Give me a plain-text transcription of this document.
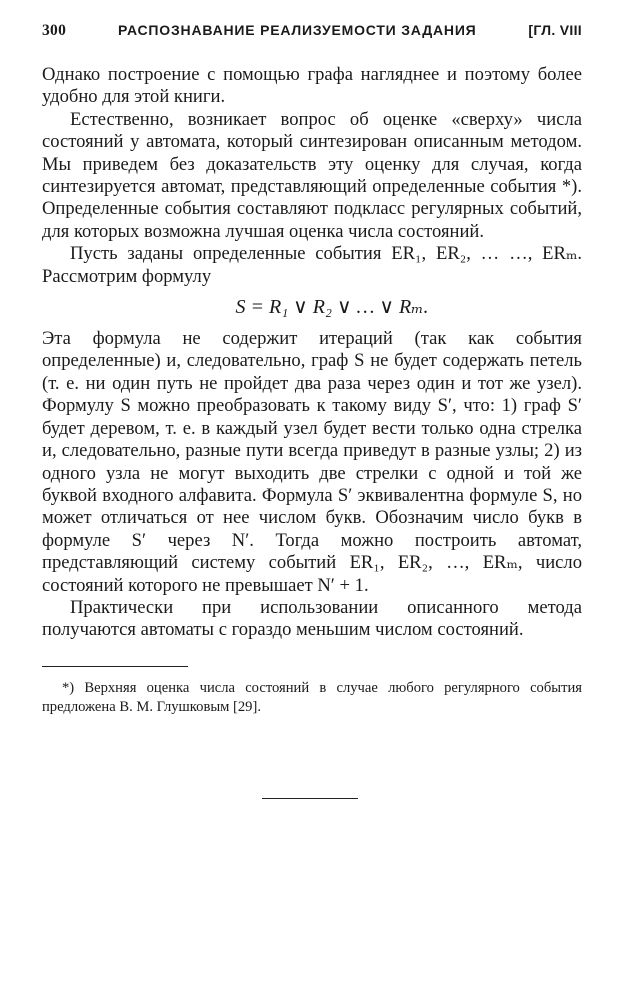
300	РАСПОЗНАВАНИЕ РЕАЛИЗУЕМОСТИ ЗАДАНИЯ	[ГЛ. VIII

Однако построение с помощью графа нагляднее и поэтому более удобно для этой книги.

Естественно, возникает вопрос об оценке «сверху» числа состояний у автомата, который синтезирован описанным методом. Мы приведем без доказательств эту оценку для случая, когда синтезируется автомат, представляющий определенные события *). Определенные события составляют подкласс регулярных событий, для которых возможна лучшая оценка числа состояний.

Пусть заданы определенные события ER₁, ER₂, … …, ERₘ. Рассмотрим формулу

S = R₁ ∨ R₂ ∨ … ∨ Rₘ.

Эта формула не содержит итераций (так как события определенные) и, следовательно, граф S не будет содержать петель (т. е. ни один путь не пройдет два раза через один и тот же узел). Формулу S можно преобразовать к такому виду S′, что: 1) граф S′ будет деревом, т. е. в каждый узел будет вести только одна стрелка и, следовательно, разные пути всегда приведут в разные узлы; 2) из одного узла не могут выходить две стрелки с одной и той же буквой входного алфавита. Формула S′ эквивалентна формуле S, но может отличаться от нее числом букв. Обозначим число букв в формуле S′ через N′. Тогда можно построить автомат, представляющий систему событий ER₁, ER₂, …, ERₘ, число состояний которого не превышает N′ + 1.

Практически при использовании описанного метода получаются автоматы с гораздо меньшим числом состояний.

*) Верхняя оценка числа состояний в случае любого регулярного события предложена В. М. Глушковым [29].
